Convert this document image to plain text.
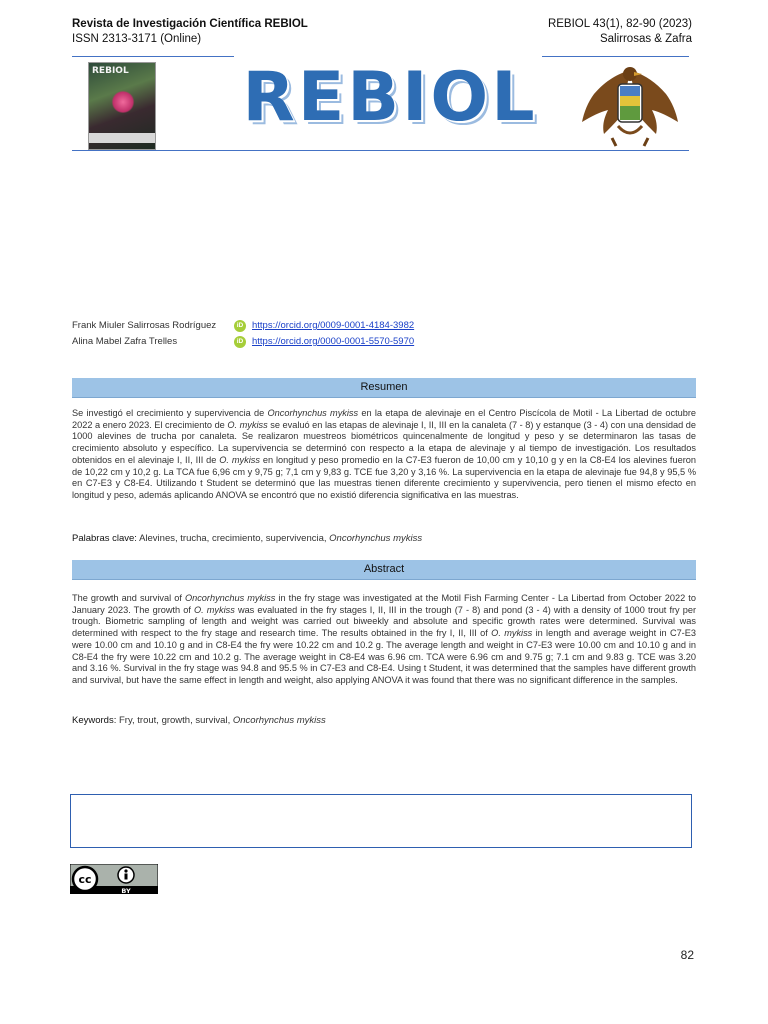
Revista de Investigación Científica REBIOL
ISSN 2313-3171 (Online)
REBIOL 43(1), 82-90 (2023)
Salirrosas & Zafra
REBIOL REBIOL
Frank Miuler Salirrosas Rodríguez	iD https://orcid.org/0009-0001-4184-3982
Alina Mabel Zafra Trelles	iD https://orcid.org/0000-0001-5570-5970
Resumen
Se investigó el crecimiento y supervivencia de Oncorhynchus mykiss en la etapa de alevinaje en el Centro Piscícola de Motil - La Libertad de octubre 2022 a enero 2023. El crecimiento de O. mykiss se evaluó en las etapas de alevinaje I, II, III en la canaleta (7 - 8) y estanque (3 - 4) con una densidad de 1000 alevines de trucha por canaleta. Se realizaron muestreos biométricos quincenalmente de longitud y peso y se determinaron las tasas de crecimiento absoluto y específico. La supervivencia se determinó con respecto a la etapa de alevinaje y al tiempo de investigación. Los resultados obtenidos en el alevinaje I, II, III de O. mykiss en longitud y peso promedio en la C7-E3 fueron de 10,00 cm y 10,10 g y en la C8-E4 los alevines fueron de 10,22 cm y 10,2 g. La TCA fue 6,96 cm y 9,75 g; 7,1 cm y 9,83 g. TCE fue 3,20 y 3,16 %. La supervivencia en la etapa de alevinaje fue 94,8 y 95,5 % en C7-E3 y C8-E4. Utilizando t Student se determinó que las muestras tienen diferente crecimiento y supervivencia, pero tienen el mismo efecto en longitud y peso, además aplicando ANOVA se encontró que no existió diferencia significativa en las muestras.
Palabras clave: Alevines, trucha, crecimiento, supervivencia, Oncorhynchus mykiss
Abstract
The growth and survival of Oncorhynchus mykiss in the fry stage was investigated at the Motil Fish Farming Center - La Libertad from October 2022 to January 2023. The growth of O. mykiss was evaluated in the fry stages I, II, III in the trough (7 - 8) and pond (3 - 4) with a density of 1000 trout fry per trough. Biometric sampling of length and weight was carried out biweekly and absolute and specific growth rates were determined. Survival was determined with respect to the fry stage and research time. The results obtained in the fry I, II, III of O. mykiss in length and average weight in C7-E3 were 10.00 cm and 10.10 g and in C8-E4 the fry were 10.22 cm and 10.2 g. The average length and weight in C7-E3 were 10.00 cm and 10.10 g and in C8-E4 the fry were 10.22 cm and 10.2 g. The average weight in C8-E4 was 6.96 cm. TCA were 6.96 cm and 9.75 g; 7.1 cm and 9.83 g. TCE was 3.20 and 3.16 %. Survival in the fry stage was 94.8 and 95.5 % in C7-E3 and C8-E4. Using t Student, it was determined that the samples have different growth and survival, but have the same effect in length and weight, also applying ANOVA it was found that there was no significant difference in the samples.
Keywords: Fry, trout, growth, survival, Oncorhynchus mykiss
cc
BY
82
